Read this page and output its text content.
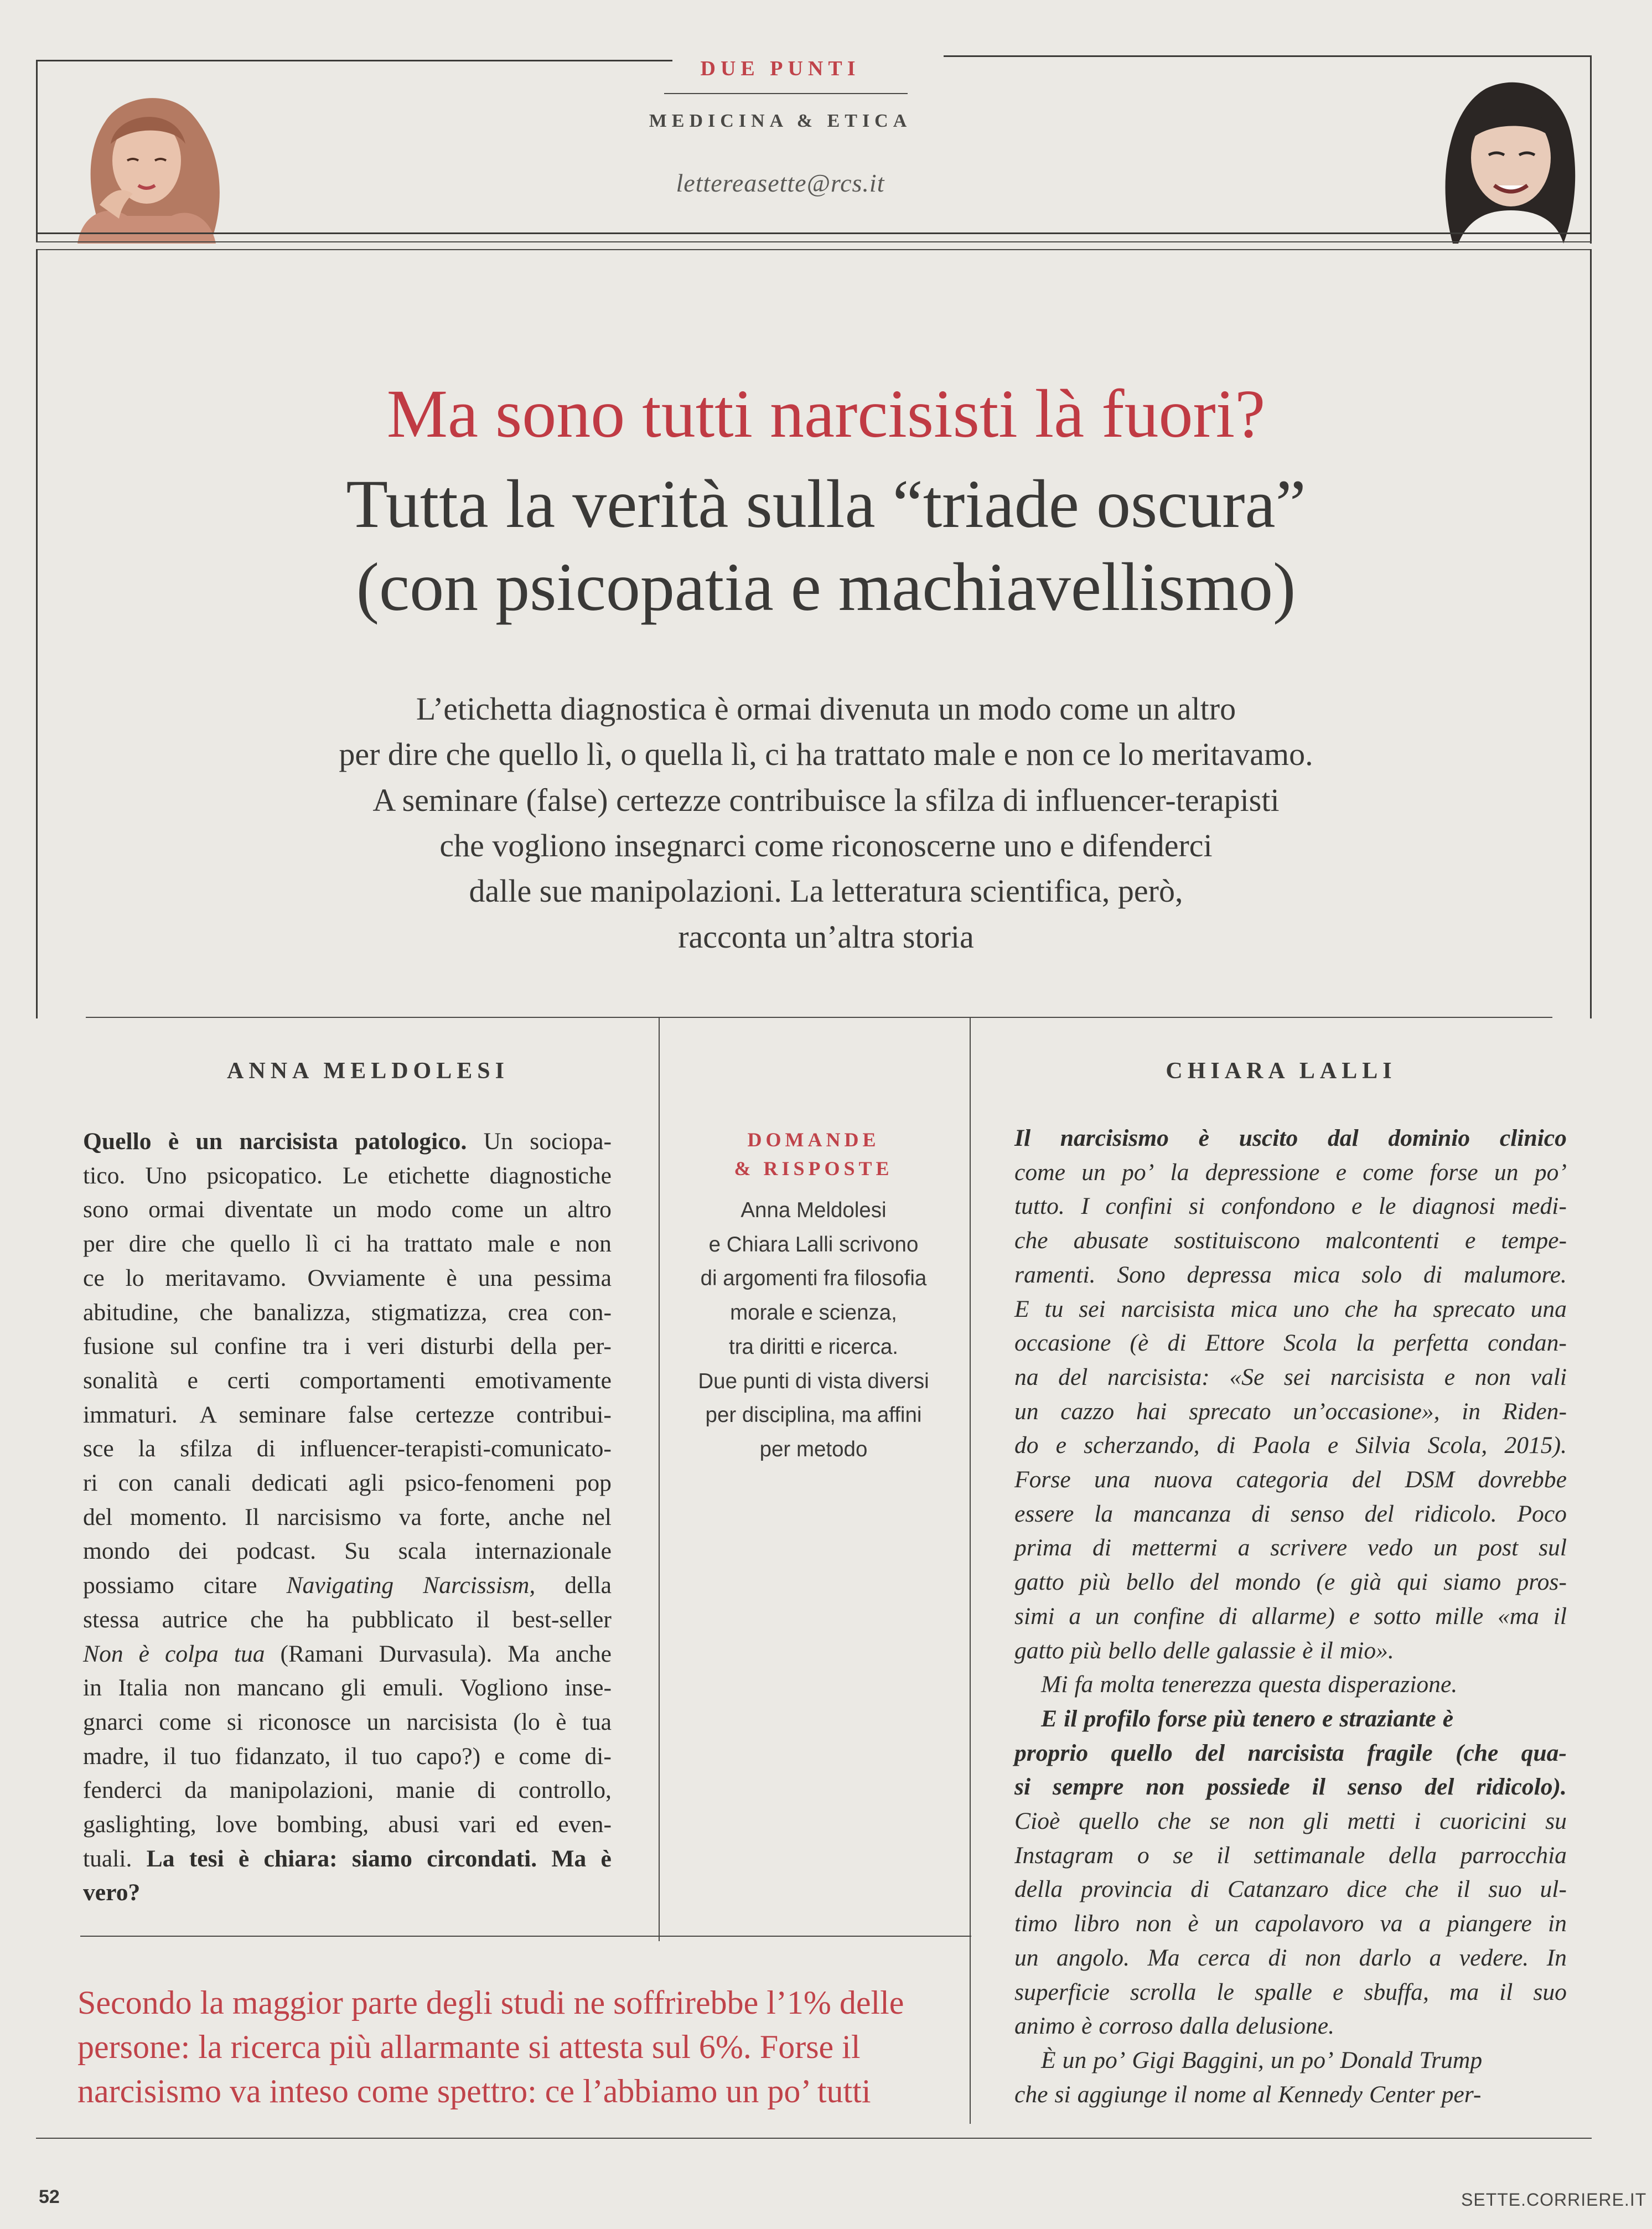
DUE PUNTI
MEDICINA & ETICA
lettereasette@rcs.it
Ma sono tutti narcisisti là fuori?
Tutta la verità sulla “triade oscura”
(con psicopatia e machiavellismo)
L’etichetta diagnostica è ormai divenuta un modo come un altro
per dire che quello lì, o quella lì, ci ha trattato male e non ce lo meritavamo.
A seminare (false) certezze contribuisce la sfilza di influencer-terapisti
che vogliono insegnarci come riconoscerne uno e difenderci
dalle sue manipolazioni. La letteratura scientifica, però,
racconta un’altra storia
ANNA MELDOLESI
Quello è un narcisista patologico. Un sociopa-
tico. Uno psicopatico. Le etichette diagnostiche
sono ormai diventate un modo come un altro
per dire che quello lì ci ha trattato male e non
ce lo meritavamo. Ovviamente è una pessima
abitudine, che banalizza, stigmatizza, crea con-
fusione sul confine tra i veri disturbi della per-
sonalità e certi comportamenti emotivamente
immaturi. A seminare false certezze contribui-
sce la sfilza di influencer-terapisti-comunicato-
ri con canali dedicati agli psico-fenomeni pop
del momento. Il narcisismo va forte, anche nel
mondo dei podcast. Su scala internazionale
possiamo citare Navigating Narcissism, della
stessa autrice che ha pubblicato il best-seller
Non è colpa tua (Ramani Durvasula). Ma anche
in Italia non mancano gli emuli. Vogliono inse-
gnarci come si riconosce un narcisista (lo è tua
madre, il tuo fidanzato, il tuo capo?) e come di-
fenderci da manipolazioni, manie di controllo,
gaslighting, love bombing, abusi vari ed even-
tuali. La tesi è chiara: siamo circondati. Ma è
vero?
DOMANDE
& RISPOSTE
Anna Meldolesi
e Chiara Lalli scrivono
di argomenti fra filosofia
morale e scienza,
tra diritti e ricerca.
Due punti di vista diversi
per disciplina, ma affini
per metodo
CHIARA LALLI
Il narcisismo è uscito dal dominio clinico
come un po’ la depressione e come forse un po’
tutto. I confini si confondono e le diagnosi medi-
che abusate sostituiscono malcontenti e tempe-
ramenti. Sono depressa mica solo di malumore.
E tu sei narcisista mica uno che ha sprecato una
occasione (è di Ettore Scola la perfetta condan-
na del narcisista: «Se sei narcisista e non vali
un cazzo hai sprecato un’occasione», in Riden-
do e scherzando, di Paola e Silvia Scola, 2015).
Forse una nuova categoria del DSM dovrebbe
essere la mancanza di senso del ridicolo. Poco
prima di mettermi a scrivere vedo un post sul
gatto più bello del mondo (e già qui siamo pros-
simi a un confine di allarme) e sotto mille «ma il
gatto più bello delle galassie è il mio».
Mi fa molta tenerezza questa disperazione.
E il profilo forse più tenero e straziante è
proprio quello del narcisista fragile (che qua-
si sempre non possiede il senso del ridicolo).
Cioè quello che se non gli metti i cuoricini su
Instagram o se il settimanale della parrocchia
della provincia di Catanzaro dice che il suo ul-
timo libro non è un capolavoro va a piangere in
un angolo. Ma cerca di non darlo a vedere. In
superficie scrolla le spalle e sbuffa, ma il suo
animo è corroso dalla delusione.
È un po’ Gigi Baggini, un po’ Donald Trump
che si aggiunge il nome al Kennedy Center per-
Secondo la maggior parte degli studi ne soffrirebbe l’1% delle
persone: la ricerca più allarmante si attesta sul 6%. Forse il
narcisismo va inteso come spettro: ce l’abbiamo un po’ tutti
52	SETTE.CORRIERE.IT
